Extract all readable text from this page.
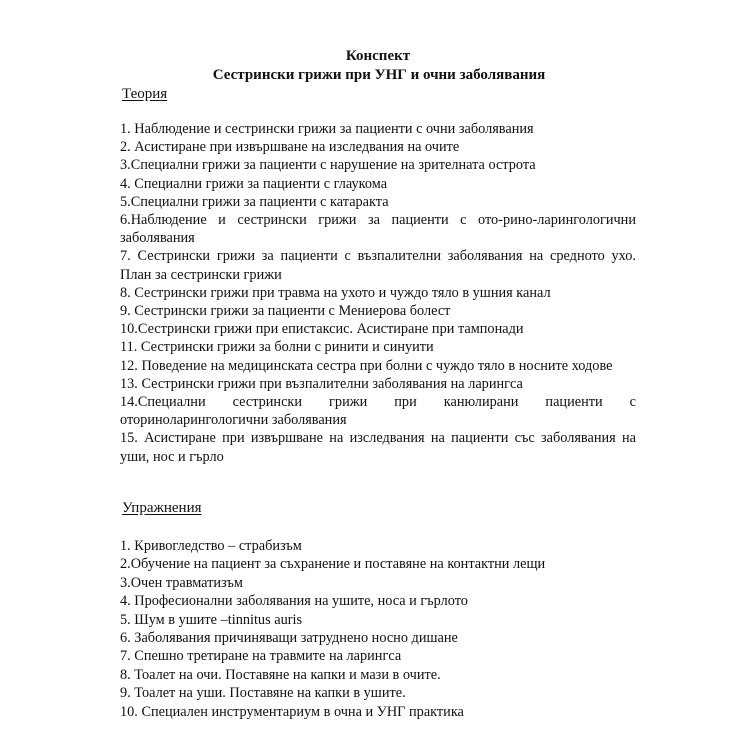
Конспект
Сестрински грижи при УНГ и очни заболявания
Теория

1. Наблюдение и сестрински грижи за пациенти с очни заболявания

2. Асистиране при извършване на изследвания на очите

3.Специални грижи за пациенти с нарушение на зрителната острота

4. Специални грижи за пациенти с глаукома

5.Специални грижи за пациенти с катаракта

6.Наблюдение и сестрински грижи за пациенти с ото-рино-ларингологични заболявания

7. Сестрински грижи за пациенти с възпалителни заболявания на средното ухо. План за сестрински грижи

8. Сестрински грижи при травма на ухото и чуждо тяло в ушния канал

9. Сестрински грижи за пациенти с Мениерова болест

10.Сестрински грижи при епистаксис. Асистиране при тампонади

11. Сестрински грижи за болни с ринити и синуити

12. Поведение на медицинската сестра при болни с чуждо тяло в носните ходове

13. Сестрински грижи при възпалителни заболявания на ларингса

14.Специални сестрински грижи при канюлирани пациенти с оториноларингологични заболявания

15. Асистиране при извършване на изследвания на пациенти със заболявания на уши, нос и гърло

Упражнения

1. Кривогледство – страбизъм

2.Обучение на пациент за съхранение и поставяне на контактни лещи

3.Очен травматизъм

4. Професионални заболявания на ушите, носа и гърлото

5. Шум в ушите –tinnitus auris

6. Заболявания причиняващи затруднено носно дишане

7. Спешно третиране на травмите на ларингса

8. Тоалет на очи. Поставяне на капки и мази в очите.

9. Тоалет на уши. Поставяне на капки в ушите.

10. Специален инструментариум в очна и УНГ практика
